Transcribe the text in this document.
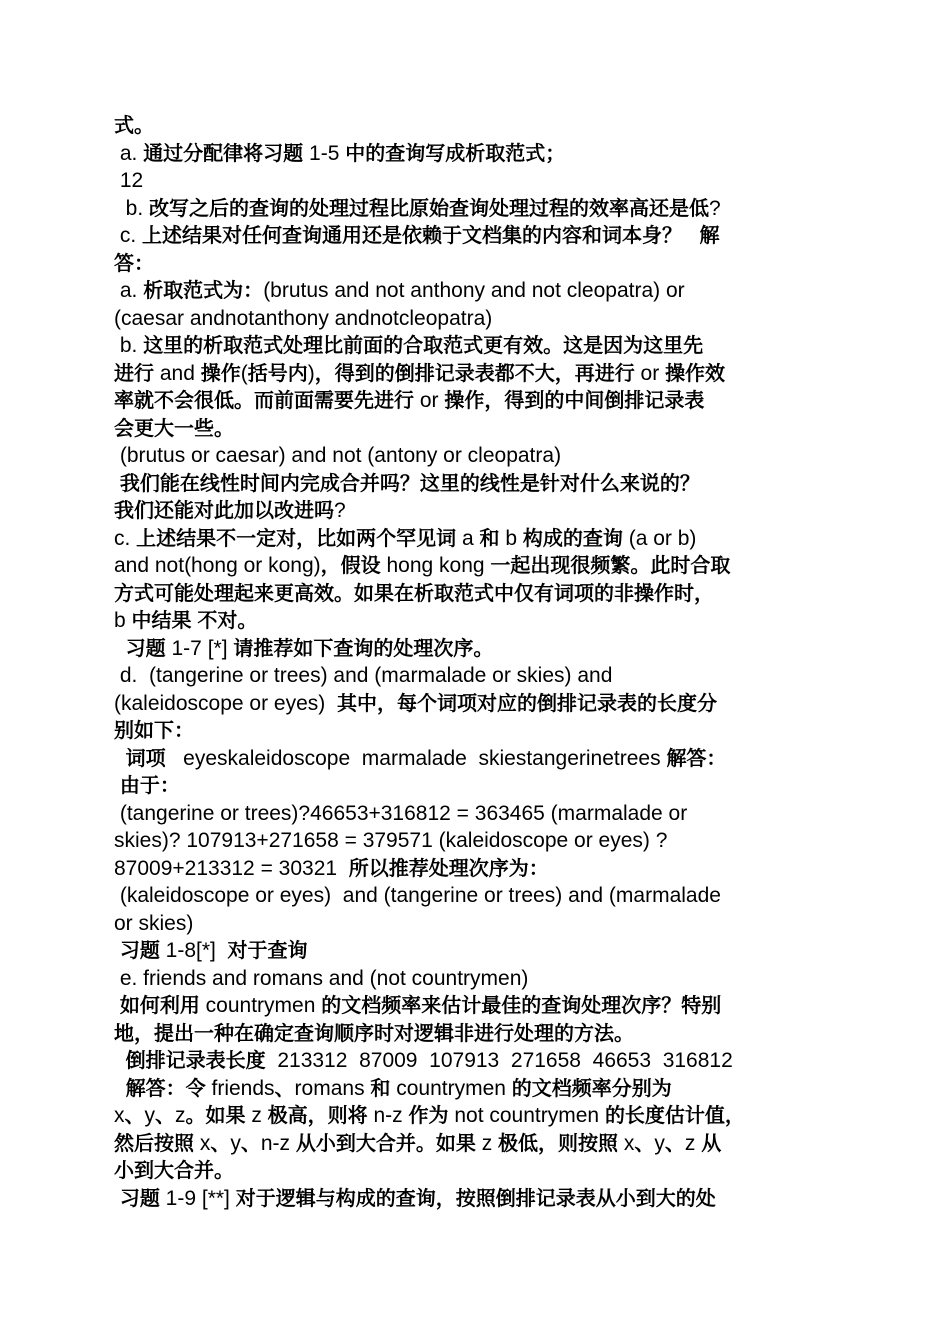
式。

a. 通过分配律将习题 1-5 中的查询写成析取范式；

12

b. 改写之后的查询的处理过程比原始查询处理过程的效率高还是低?

c. 上述结果对任何查询通用还是依赖于文档集的内容和词本身？ 解

答：

a. 析取范式为：(brutus and not anthony and not cleopatra) or

(caesar andnotanthony andnotcleopatra)

b. 这里的析取范式处理比前面的合取范式更有效。这是因为这里先

进行 and 操作(括号内)，得到的倒排记录表都不大，再进行 or 操作效

率就不会很低。而前面需要先进行 or 操作，得到的中间倒排记录表

会更大一些。

(brutus or caesar) and not (antony or cleopatra)

我们能在线性时间内完成合并吗？这里的线性是针对什么来说的？

我们还能对此加以改进吗?

c. 上述结果不一定对，比如两个罕见词 a 和 b 构成的查询 (a or b)

and not(hong or kong)，假设 hong kong 一起出现很频繁。此时合取

方式可能处理起来更高效。如果在析取范式中仅有词项的非操作时，

b 中结果 不对。

习题 1-7 [*] 请推荐如下查询的处理次序。

d.  (tangerine or trees) and (marmalade or skies) and

(kaleidoscope or eyes)  其中，每个词项对应的倒排记录表的长度分

别如下：

词项   eyeskaleidoscope  marmalade  skiestangerinetrees 解答：

由于：

(tangerine or trees)?46653+316812 = 363465 (marmalade or

skies)? 107913+271658 = 379571 (kaleidoscope or eyes) ?

87009+213312 = 30321  所以推荐处理次序为：

(kaleidoscope or eyes)  and (tangerine or trees) and (marmalade

or skies)

习题 1-8[*]  对于查询

e. friends and romans and (not countrymen)

如何利用 countrymen 的文档频率来估计最佳的查询处理次序？特别

地，提出一种在确定查询顺序时对逻辑非进行处理的方法。

倒排记录表长度  213312  87009  107913  271658  46653  316812

解答：令 friends、romans 和 countrymen 的文档频率分别为

x、y、z。如果 z 极高，则将 n-z 作为 not countrymen 的长度估计值，

然后按照 x、y、n-z 从小到大合并。如果 z 极低，则按照 x、y、z 从

小到大合并。

习题 1-9 [**] 对于逻辑与构成的查询，按照倒排记录表从小到大的处
